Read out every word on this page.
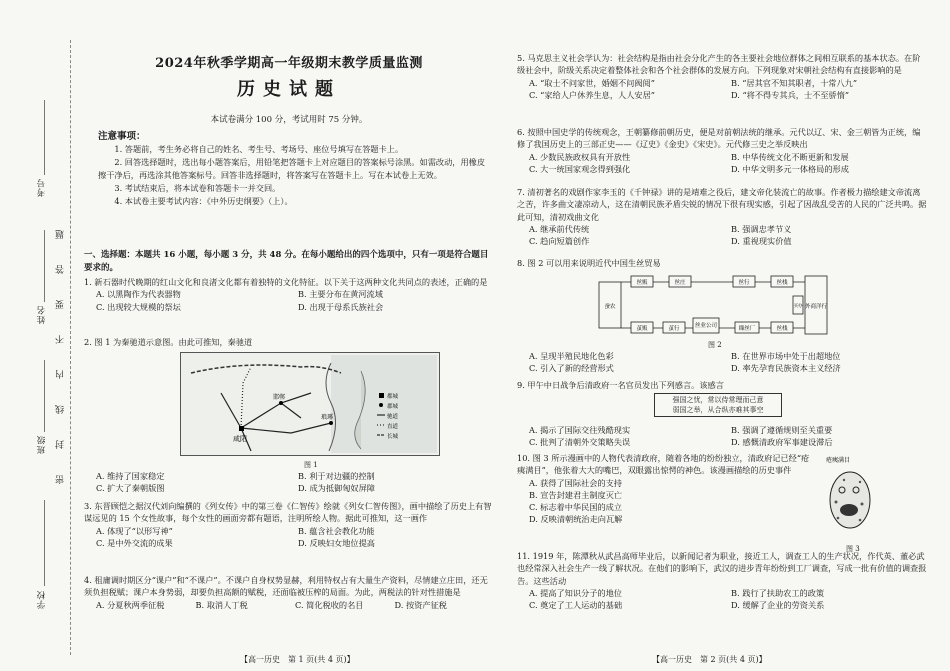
考号
姓名
班级
学校
题
答
要
不
内
线
封
密
2024年秋季学期高一年级期末教学质量监测
历史试题
本试卷满分 100 分，考试用时 75 分钟。
注意事项：

1. 答题前，考生务必将自己的姓名、考生号、考场号、座位号填写在答题卡上。

2. 回答选择题时，选出每小题答案后，用铅笔把答题卡上对应题目的答案标号涂黑。如需改动，用橡皮擦干净后，再选涂其他答案标号。回答非选择题时，将答案写在答题卡上。写在本试卷上无效。

3. 考试结束后，将本试卷和答题卡一并交回。

4. 本试卷主要考试内容：《中外历史纲要》（上）。

一、选择题：本题共 16 小题，每小题 3 分，共 48 分。在每小题给出的四个选项中，只有一项是符合题目要求的。
1. 新石器时代晚期的红山文化和良渚文化都有着独特的文化特征。以下关于这两种文化共同点的表述，正确的是
A. 以黑陶作为代表器物	B. 主要分布在黄河流域
C. 出现较大规模的祭坛	D. 出现于母系氏族社会
2. 图 1 为秦驰道示意图。由此可推知，秦驰道
咸阳
邯郸
琅琊
都城
郡城
驰道
直道
长城
图 1
A. 维持了国家稳定	B. 利于对边疆的控制
C. 扩大了秦朝版图	D. 成为抵御匈奴屏障
3. 东晋顾恺之据汉代刘向编撰的《列女传》中的第三卷《仁智传》绘就《列女仁智传图》，画中描绘了历史上有智谋远见的 15 个女性故事，每个女性的画面旁都有题语，注明所绘人物。据此可推知，这一画作
A. 体现了“以形写神”	B. 蕴含社会教化功能
C. 是中外交流的成果	D. 反映妇女地位提高
4. 租庸调时期区分“课户”和“不课户”。不课户自身权势显赫，利用特权占有大量生产资料，尽情建立庄田，还无须负担税赋；课户本身势弱，却要负担高额的赋税，还面临被压榨的局面。为此，两税法的针对性措施是
A. 分夏秋两季征税	B. 取消人丁税	C. 简化税收的名目	D. 按资产征税
5. 马克思主义社会学认为：社会结构是指由社会分化产生的各主要社会地位群体之间相互联系的基本状态。在阶级社会中，阶级关系决定着整体社会和各个社会群体的发展方向。下列现象对宋朝社会结构有直接影响的是
A. “取士不问家世，婚姻不问阀阅”	B. “居其官不知其职者，十常八九”
C. “家给人户休养生息，人人安居”	D. “将不得专其兵，士不至骄惰”
6. 按照中国史学的传统观念，王朝纂修前朝历史，便是对前朝法统的继承。元代以辽、宋、金三朝皆为正统，编修了我国历史上的三部正史——《辽史》《金史》《宋史》。元代修三史之举反映出
A. 少数民族政权具有开放性	B. 中华传统文化不断更新和发展
C. 大一统国家观念得到强化	D. 中华文明多元一体格局的形成
7. 清初著名的戏剧作家李玉的《千钟禄》讲的是靖难之役后，建文帝化装流亡的故事。作者极力描绘建文帝流离之苦，许多曲文凄凉动人，这在清朝民族矛盾尖锐的情况下很有现实感，引起了因战乱受苦的人民的广泛共鸣。据此可知，清初戏曲文化
A. 继承前代传统	B. 强调忠孝节义
C. 趋向短篇创作	D. 重视现实价值
8. 图 2 可以用来说明近代中国生丝贸易
蚕农
丝贩	丝庄	丝行	丝栈
茧贩	茧行	丝业公司	缫丝厂	丝栈
买办 外商洋行
图 2
A. 呈现半殖民地化色彩	B. 在世界市场中处于出超地位
C. 引入了新的经营形式	D. 率先孕育民族资本主义经济
9. 甲午中日战争后清政府一名官员发出下列感言。该感言
强国之忧，常以侍常理而己意
弱国之举，从合纵亦难其事空
A. 揭示了国际交往残酷现实	B. 强调了遵循规则至关重要
C. 批判了清朝外交策略失误	D. 感慨清政府军事建设滞后
10. 图 3 所示漫画中的人物代表清政府，随着各地的纷纷独立，清政府记已经“疮痍满目”，他张着大大的嘴巴，双眼露出惊愕的神色。该漫画描绘的历史事件
A. 获得了国际社会的支持
B. 宣告封建君主制度灭亡
C. 标志着中华民国的成立
D. 反映清朝统治走向瓦解
疮痍满目
图 3
11. 1919 年，陈潭秋从武昌高师毕业后，以新闻记者为职业，接近工人，调查工人的生产状况，作代英、董必武也经常深入社会生产一线了解状况。在他们的影响下，武汉的进步青年纷纷到工厂调查，写成一批有价值的调查报告。这些活动
A. 提高了知识分子的地位	B. 践行了扶助农工的政策
C. 奠定了工人运动的基础	D. 缓解了企业的劳资关系
【高一历史　第 1 页(共 4 页)】	【高一历史　第 2 页(共 4 页)】
